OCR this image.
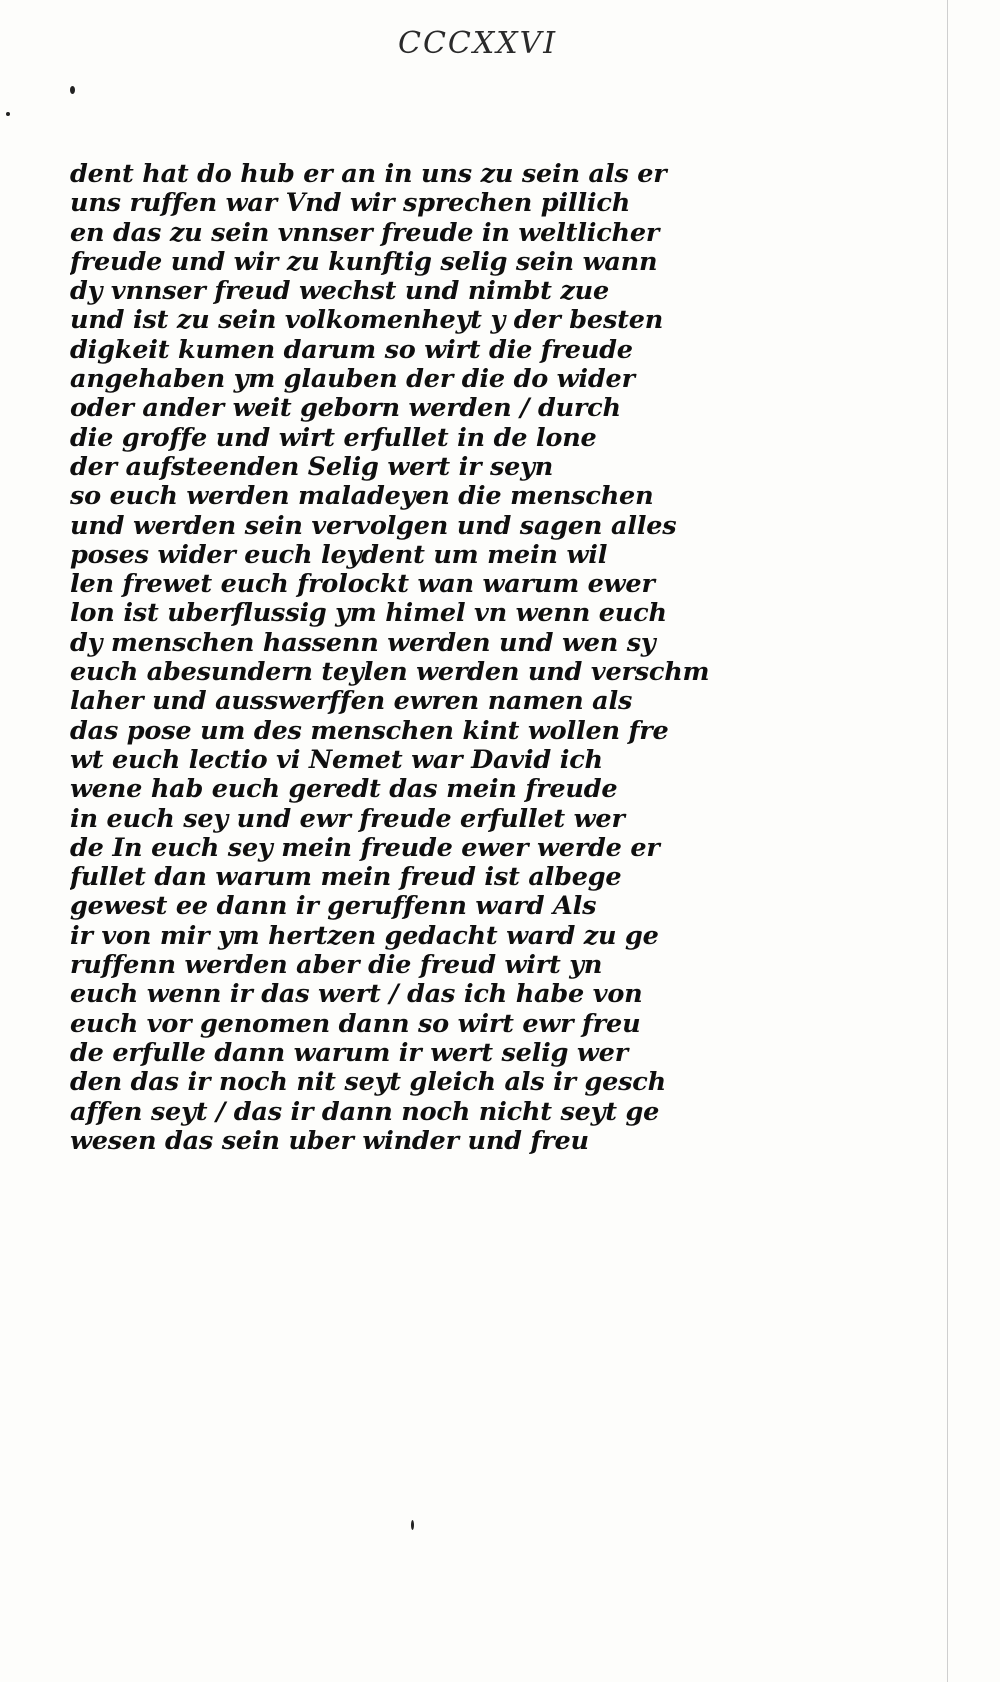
CCCXXVI
dent hat do hub er an in uns zu sein als er
uns ruffen war Vnd wir sprechen pillich
en das zu sein vnnser freude in weltlicher
freude und wir zu kunftig selig sein wann
dy vnnser freud wechst und nimbt zue
und ist zu sein volkomenheyt y der besten
digkeit kumen darum so wirt die freude
angehaben ym glauben der die do wider
oder ander weit geborn werden / durch
die groffe und wirt erfullet in de lone
der aufsteenden Selig wert ir seyn
so euch werden maladeyen die menschen
und werden sein vervolgen und sagen alles
poses wider euch leydent um mein wil
len frewet euch frolockt wan warum ewer
lon ist uberflussig ym himel vn wenn euch
dy menschen hassenn werden und wen sy
euch abesundern teylen werden und verschm
laher und ausswerffen ewren namen als
das pose um des menschen kint wollen fre
wt euch lectio vi Nemet war David ich
wene hab euch geredt das mein freude
in euch sey und ewr freude erfullet wer
de In euch sey mein freude ewer werde er
fullet dan warum mein freud ist albege
gewest ee dann ir geruffenn ward Als
ir von mir ym hertzen gedacht ward zu ge
ruffenn werden aber die freud wirt yn
euch wenn ir das wert / das ich habe von
euch vor genomen dann so wirt ewr freu
de erfulle dann warum ir wert selig wer
den das ir noch nit seyt gleich als ir gesch
affen seyt / das ir dann noch nicht seyt ge
wesen das sein uber winder und freu
